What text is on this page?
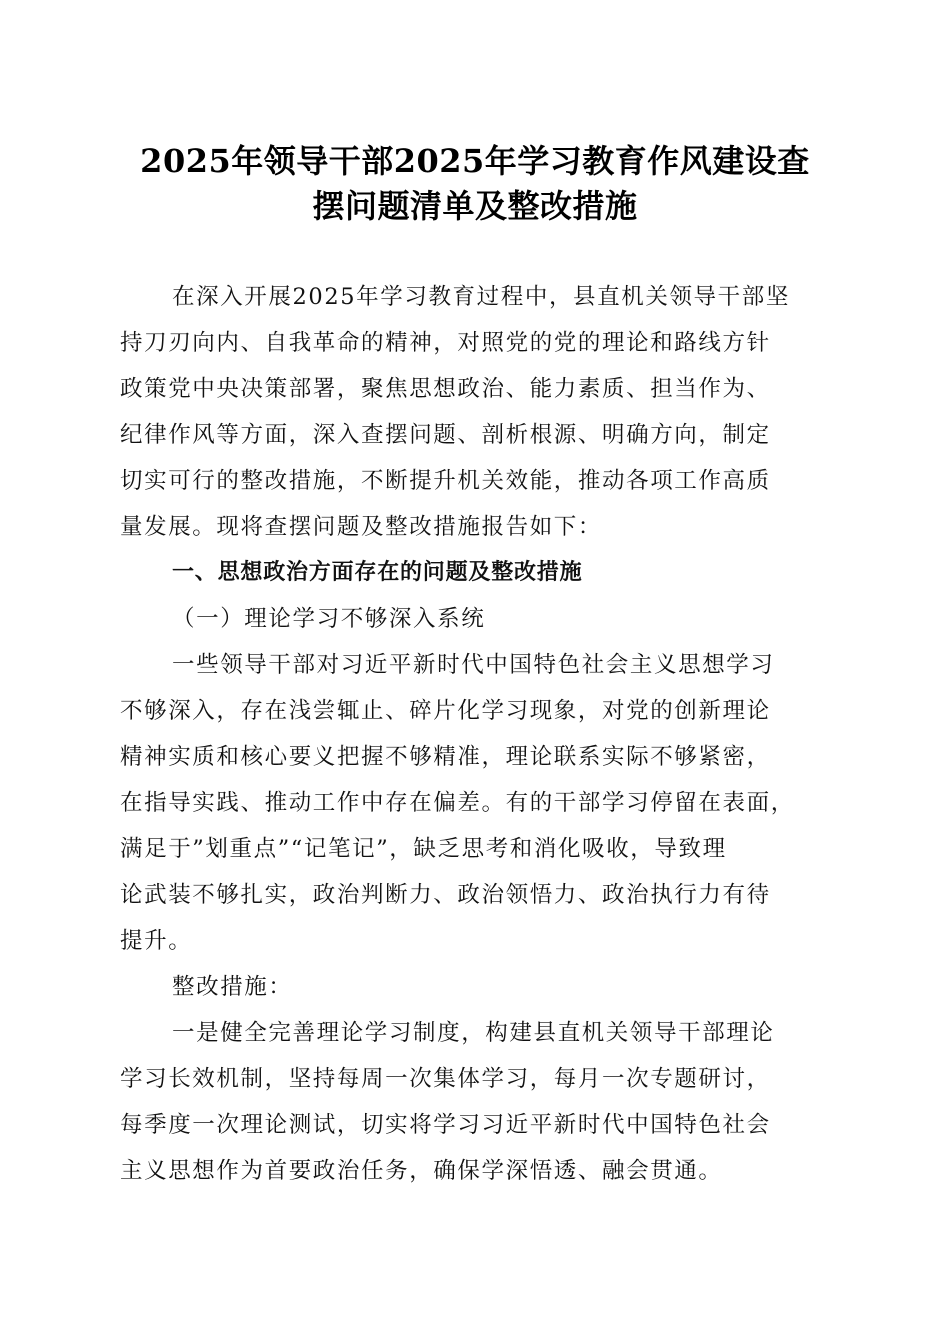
2025年领导干部2025年学习教育作风建设查
摆问题清单及整改措施
在深入开展2025年学习教育过程中，县直机关领导干部坚
持刀刃向内、自我革命的精神，对照党的党的理论和路线方针
政策党中央决策部署，聚焦思想政治、能力素质、担当作为、
纪律作风等方面，深入查摆问题、剖析根源、明确方向，制定
切实可行的整改措施，不断提升机关效能，推动各项工作高质
量发展。现将查摆问题及整改措施报告如下：
一、思想政治方面存在的问题及整改措施
（一）理论学习不够深入系统
一些领导干部对习近平新时代中国特色社会主义思想学习
不够深入，存在浅尝辄止、碎片化学习现象，对党的创新理论
精神实质和核心要义把握不够精准，理论联系实际不够紧密，
在指导实践、推动工作中存在偏差。有的干部学习停留在表面，
满足于”划重点”“记笔记”，缺乏思考和消化吸收，导致理
论武装不够扎实，政治判断力、政治领悟力、政治执行力有待
提升。
整改措施：
一是健全完善理论学习制度，构建县直机关领导干部理论
学习长效机制，坚持每周一次集体学习，每月一次专题研讨，
每季度一次理论测试，切实将学习习近平新时代中国特色社会
主义思想作为首要政治任务，确保学深悟透、融会贯通。
